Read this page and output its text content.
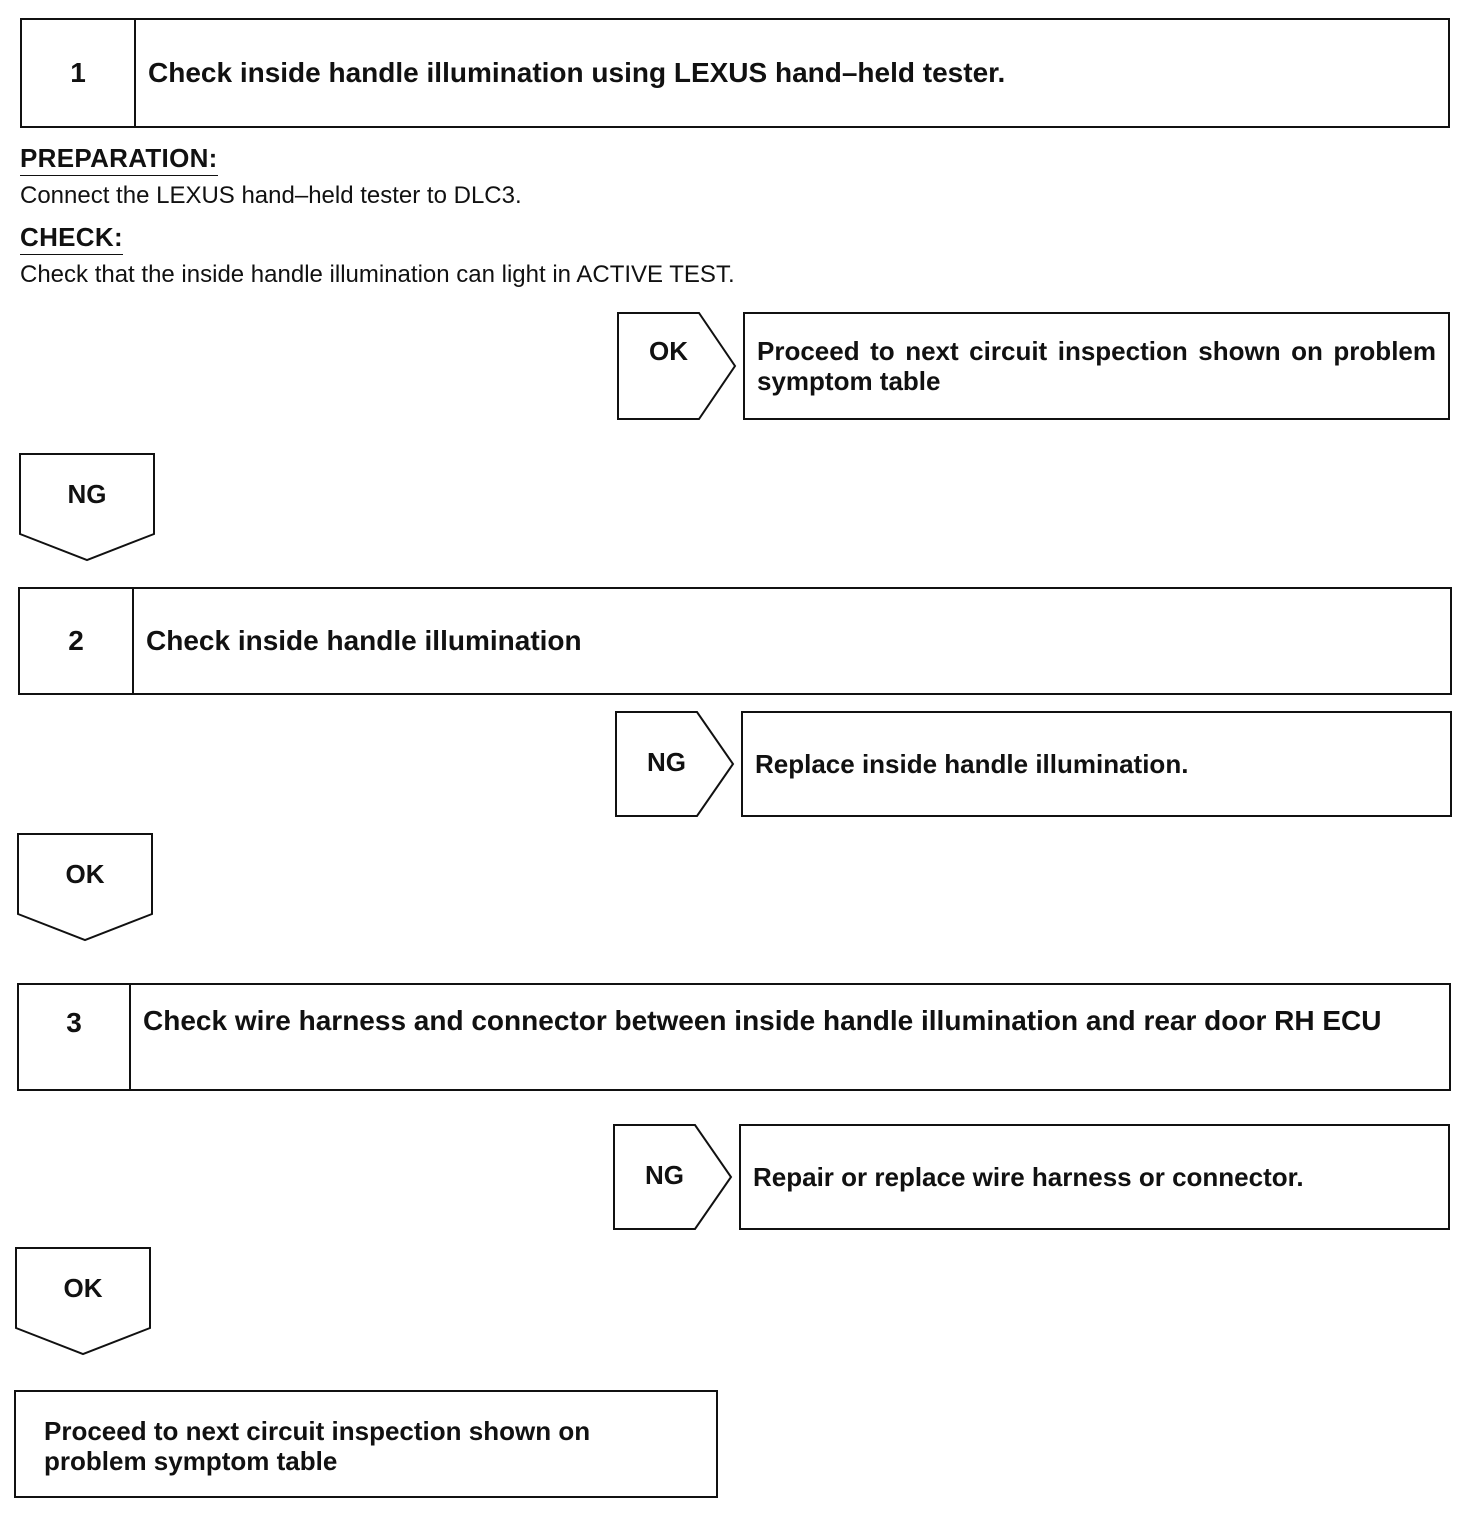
1	Check inside handle illumination using LEXUS hand–held tester.
PREPARATION:
Connect the LEXUS hand–held tester to DLC3.
CHECK:
Check that the inside handle illumination can light in ACTIVE TEST.
OK	Proceed to next circuit inspection shown on problem symptom table
NG
2	Check inside handle illumination
NG	Replace inside handle illumination.
OK
3	Check wire harness and connector between inside handle illumination and rear door RH ECU
NG	Repair or replace wire harness or connector.
OK
Proceed to next circuit inspection shown on problem symptom table
